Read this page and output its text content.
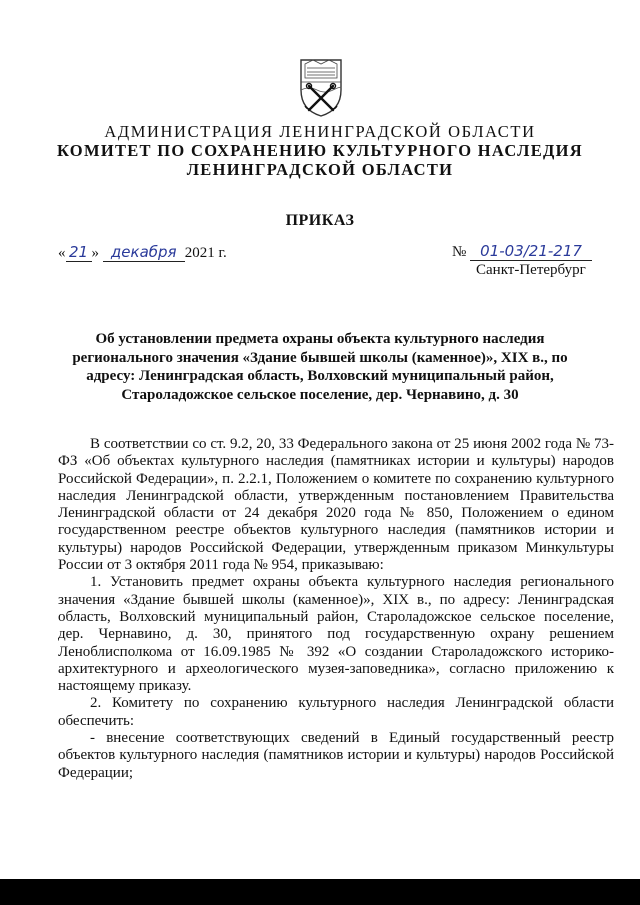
АДМИНИСТРАЦИЯ ЛЕНИНГРАДСКОЙ ОБЛАСТИ
КОМИТЕТ ПО СОХРАНЕНИЮ КУЛЬТУРНОГО НАСЛЕДИЯ
ЛЕНИНГРАДСКОЙ ОБЛАСТИ
ПРИКАЗ
« 21 » декабря 2021 г.	№ 01-03/21-217
Санкт-Петербург
Об установлении предмета охраны объекта культурного наследия регионального значения «Здание бывшей школы (каменное)», XIX в., по адресу: Ленинградская область, Волховский муниципальный район, Староладожское сельское поселение, дер. Чернавино, д. 30

В соответствии со ст. 9.2, 20, 33 Федерального закона от 25 июня 2002 года № 73-ФЗ «Об объектах культурного наследия (памятниках истории и культуры) народов Российской Федерации», п. 2.2.1, Положением о комитете по сохранению культурного наследия Ленинградской области, утвержденным постановлением Правительства Ленинградской области от 24 декабря 2020 года № 850, Положением о едином государственном реестре объектов культурного наследия (памятников истории и культуры) народов Российской Федерации, утвержденным приказом Минкультуры России от 3 октября 2011 года № 954, приказываю:

1. Установить предмет охраны объекта культурного наследия регионального значения «Здание бывшей школы (каменное)», XIX в., по адресу: Ленинградская область, Волховский муниципальный район, Староладожское сельское поселение, дер. Чернавино, д. 30, принятого под государственную охрану решением Леноблисполкома от 16.09.1985 № 392 «О создании Староладожского историко-архитектурного и археологического музея-заповедника», согласно приложению к настоящему приказу.

2. Комитету по сохранению культурного наследия Ленинградской области обеспечить:

- внесение соответствующих сведений в Единый государственный реестр объектов культурного наследия (памятников истории и культуры) народов Российской Федерации;
